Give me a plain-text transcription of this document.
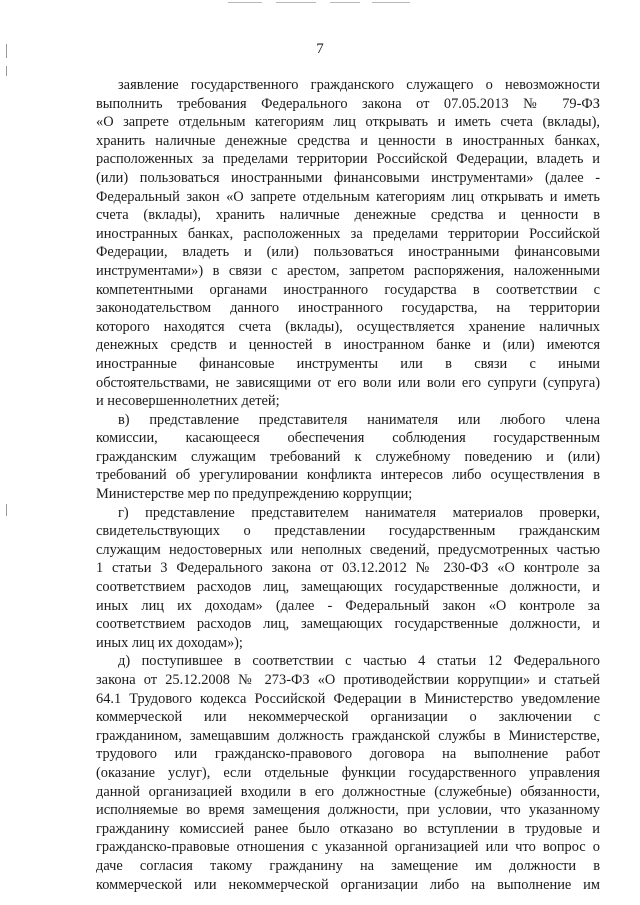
7
заявление государственного гражданского служащего о невозможности
выполнить требования Федерального закона от 07.05.2013 № 79-ФЗ
«О запрете отдельным категориям лиц открывать и иметь счета (вклады),
хранить наличные денежные средства и ценности в иностранных банках,
расположенных за пределами территории Российской Федерации, владеть и
(или) пользоваться иностранными финансовыми инструментами» (далее -
Федеральный закон «О запрете отдельным категориям лиц открывать и иметь
счета (вклады), хранить наличные денежные средства и ценности в
иностранных банках, расположенных за пределами территории Российской
Федерации, владеть и (или) пользоваться иностранными финансовыми
инструментами») в связи с арестом, запретом распоряжения, наложенными
компетентными органами иностранного государства в соответствии с
законодательством данного иностранного государства, на территории
которого находятся счета (вклады), осуществляется хранение наличных
денежных средств и ценностей в иностранном банке и (или) имеются
иностранные финансовые инструменты или в связи с иными
обстоятельствами, не зависящими от его воли или воли его супруги (супруга)
и несовершеннолетних детей;
в) представление представителя нанимателя или любого члена
комиссии, касающееся обеспечения соблюдения государственным
гражданским служащим требований к служебному поведению и (или)
требований об урегулировании конфликта интересов либо осуществления в
Министерстве мер по предупреждению коррупции;
г) представление представителем нанимателя материалов проверки,
свидетельствующих о представлении государственным гражданским
служащим недостоверных или неполных сведений, предусмотренных частью
1 статьи 3 Федерального закона от 03.12.2012 № 230-ФЗ «О контроле за
соответствием расходов лиц, замещающих государственные должности, и
иных лиц их доходам» (далее - Федеральный закон «О контроле за
соответствием расходов лиц, замещающих государственные должности, и
иных лиц их доходам»);
д) поступившее в соответствии с частью 4 статьи 12 Федерального
закона от 25.12.2008 № 273-ФЗ «О противодействии коррупции» и статьей
64.1 Трудового кодекса Российской Федерации в Министерство уведомление
коммерческой или некоммерческой организации о заключении с
гражданином, замещавшим должность гражданской службы в Министерстве,
трудового или гражданско-правового договора на выполнение работ
(оказание услуг), если отдельные функции государственного управления
данной организацией входили в его должностные (служебные) обязанности,
исполняемые во время замещения должности, при условии, что указанному
гражданину комиссией ранее было отказано во вступлении в трудовые и
гражданско-правовые отношения с указанной организацией или что вопрос о
даче согласия такому гражданину на замещение им должности в
коммерческой или некоммерческой организации либо на выполнение им
